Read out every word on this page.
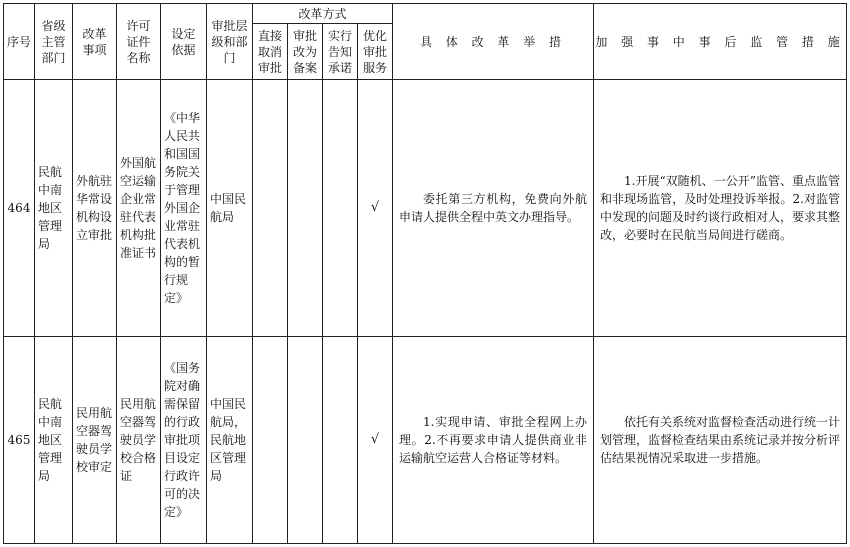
序号	省级主管部门	改革事项	许可证件名称	设定依据	审批层级和部门	改革方式				具 体 改 革 举 措	加 强 事 中 事 后 监 管 措 施
						直接取消审批	审批改为备案	实行告知承诺	优化审批服务		
464	民航中南地区管理局	外航驻华常设机构设立审批	外国航空运输企业常驻代表机构批准证书	《中华人民共和国国务院关于管理外国企业常驻代表机构的暂行规定》	中国民航局				√	委托第三方机构，免费向外航申请人提供全程中英文办理指导。	1.开展“双随机、一公开”监管、重点监管和非现场监管，及时处理投诉举报。2.对监管中发现的问题及时约谈行政相对人，要求其整改，必要时在民航当局间进行磋商。
465	民航中南地区管理局	民用航空器驾驶员学校审定	民用航空器驾驶员学校合格证	《国务院对确需保留的行政审批项目设定行政许可的决定》	中国民航局，民航地区管理局				√	1.实现申请、审批全程网上办理。2.不再要求申请人提供商业非运输航空运营人合格证等材料。	依托有关系统对监督检查活动进行统一计划管理，监督检查结果由系统记录并按分析评估结果视情况采取进一步措施。
